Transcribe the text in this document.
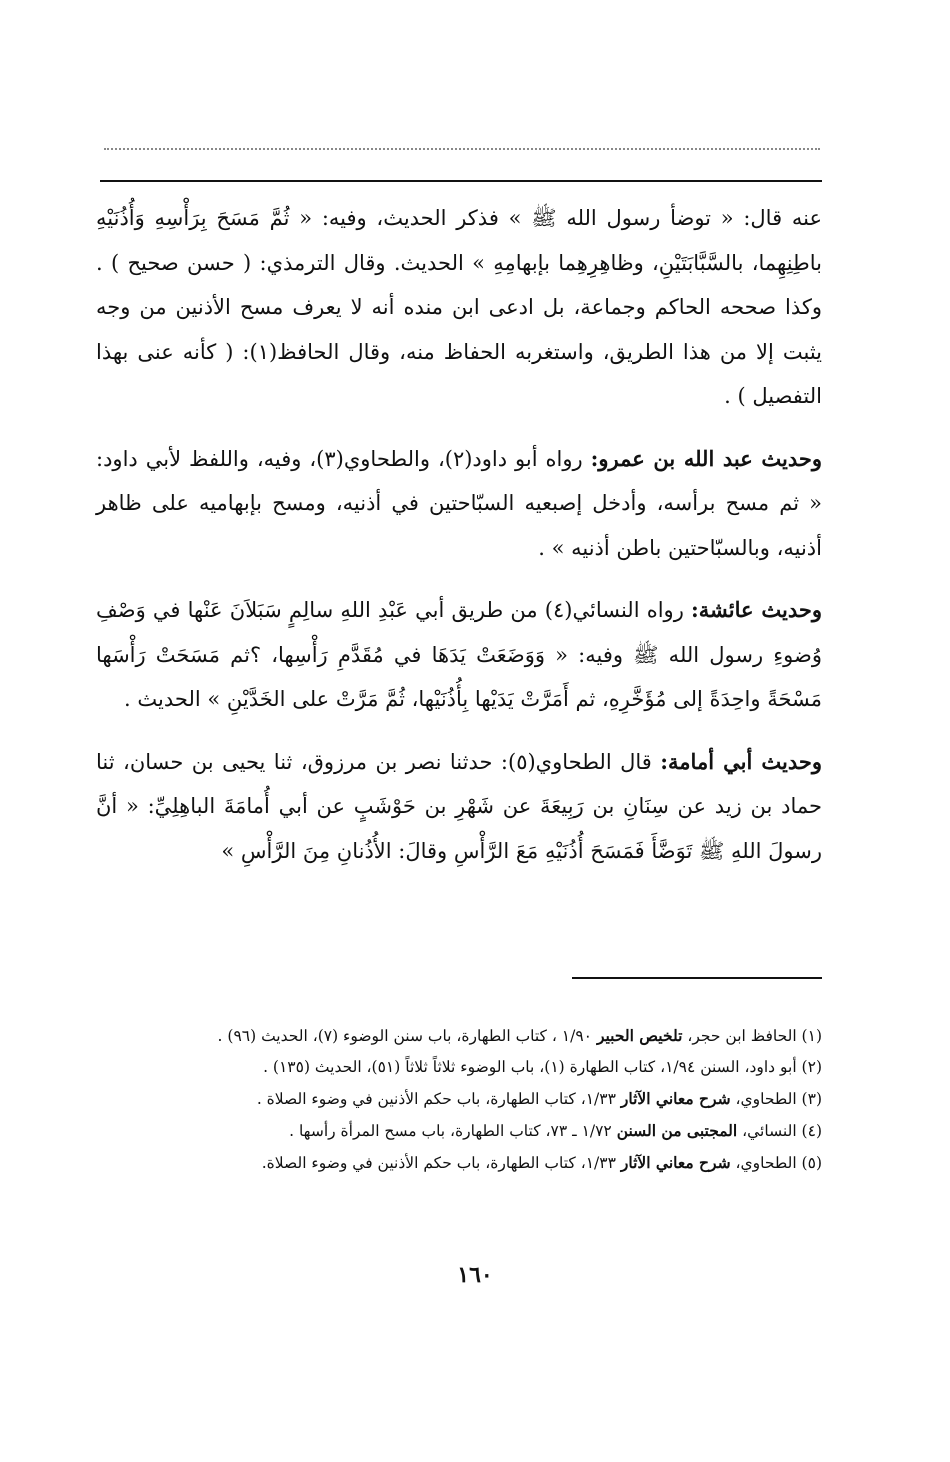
عنه قال: « توضأ رسول الله ﷺ » فذكر الحديث، وفيه: « ثُمَّ مَسَحَ بِرَأْسِهِ وَأُذُنَيْهِ باطِنِهِما، بالسَّبَّابَتَيْنِ، وظاهِرِهِما بإبهامِهِ » الحديث. وقال الترمذي: ( حسن صحيح ) . وكذا صححه الحاكم وجماعة، بل ادعى ابن منده أنه لا يعرف مسح الأذنين من وجه يثبت إلا من هذا الطريق، واستغربه الحفاظ منه، وقال الحافظ(١): ( كأنه عنى بهذا التفصيل ) .

وحديث عبد الله بن عمرو: رواه أبو داود(٢)، والطحاوي(٣)، وفيه، واللفظ لأبي داود: « ثم مسح برأسه، وأدخل إصبعيه السبّاحتين في أذنيه، ومسح بإبهاميه على ظاهر أذنيه، وبالسبّاحتين باطن أذنيه » .

وحديث عائشة: رواه النسائي(٤) من طريق أبي عَبْدِ اللهِ سالِمٍ سَبَلاَنَ عَنْها في وَصْفِ وُضوءِ رسول الله ﷺ وفيه: « وَوَضَعَتْ يَدَهَا في مُقَدَّمِ رَأْسِها، ؟ثم مَسَحَتْ رَأْسَها مَسْحَةً واحِدَةً إلى مُؤَخَّرِهِ، ثم أَمَرَّتْ يَدَيْها بِأُذُنَيْها، ثُمَّ مَرَّتْ على الخَدَّيْنِ » الحديث .

وحديث أبي أمامة: قال الطحاوي(٥): حدثنا نصر بن مرزوق، ثنا يحيى بن حسان، ثنا حماد بن زيد عن سِنَانِ بن رَبِيعَةَ عن شَهْرِ بن حَوْشَبٍ عن أبي أُمامَةَ الباهِلِيِّ: « أنَّ رسولَ اللهِ ﷺ تَوَضَّأَ فَمَسَحَ أُذُنَيْهِ مَعَ الرَّأْسِ وقالَ: الأُذُنانِ مِنَ الرَّأْسِ »

(١) الحافظ ابن حجر، تلخيص الحبير ١/٩٠ ، كتاب الطهارة، باب سنن الوضوء (٧)، الحديث (٩٦) .

(٢) أبو داود، السنن ١/٩٤، كتاب الطهارة (١)، باب الوضوء ثلاثاً ثلاثاً (٥١)، الحديث (١٣٥) .

(٣) الطحاوي، شرح معاني الآثار ١/٣٣، كتاب الطهارة، باب حكم الأذنين في وضوء الصلاة .

(٤) النسائي، المجتبى من السنن ١/٧٢ ـ ٧٣، كتاب الطهارة، باب مسح المرأة رأسها .

(٥) الطحاوي، شرح معاني الآثار ١/٣٣، كتاب الطهارة، باب حكم الأذنين في وضوء الصلاة.

١٦٠
